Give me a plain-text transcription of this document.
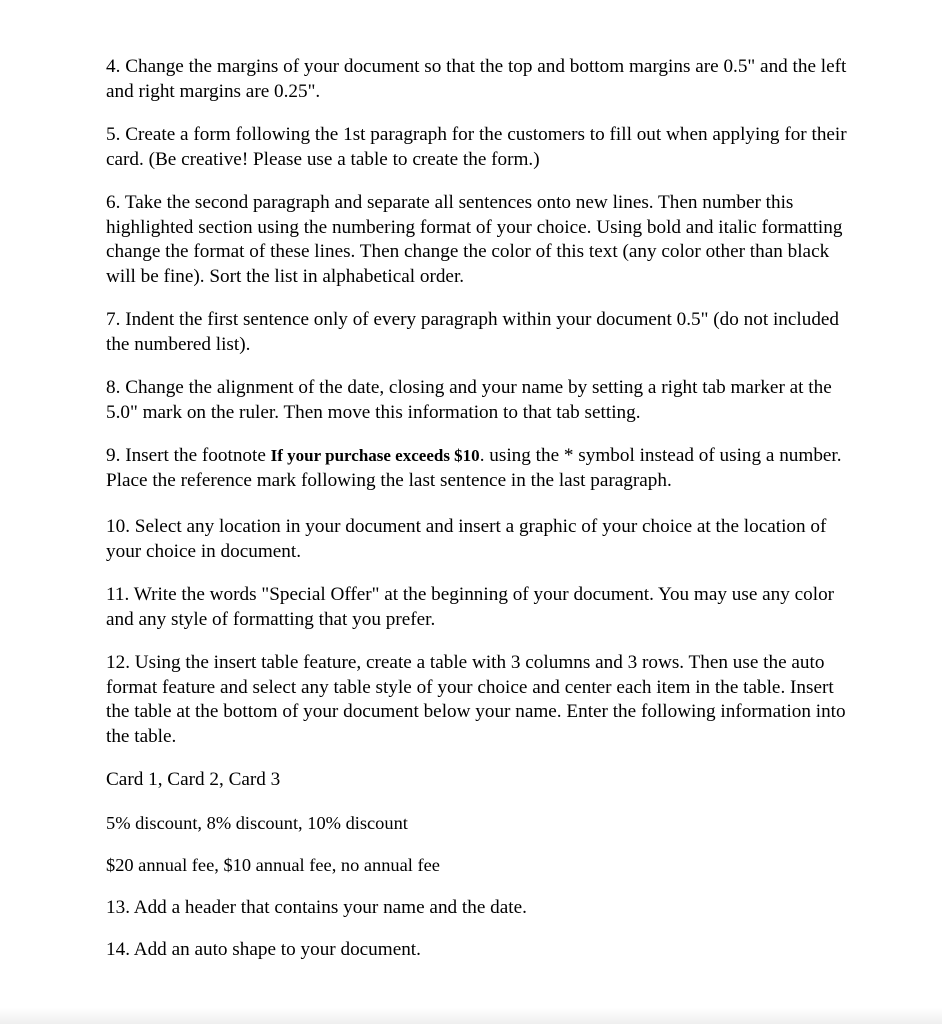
4. Change the margins of your document so that the top and bottom margins are 0.5" and the left and right margins are 0.25".

5. Create a form following the 1st paragraph for the customers to fill out when applying for their card. (Be creative! Please use a table to create the form.)

6. Take the second paragraph and separate all sentences onto new lines. Then number this highlighted section using the numbering format of your choice. Using bold and italic formatting change the format of these lines. Then change the color of this text (any color other than black will be fine). Sort the list in alphabetical order.

7. Indent the first sentence only of every paragraph within your document 0.5" (do not included the numbered list).

8. Change the alignment of the date, closing and your name by setting a right tab marker at the 5.0" mark on the ruler. Then move this information to that tab setting.

9. Insert the footnote If your purchase exceeds $10. using the * symbol instead of using a number. Place the reference mark following the last sentence in the last paragraph.

10. Select any location in your document and insert a graphic of your choice at the location of your choice in document.

11. Write the words "Special Offer" at the beginning of your document. You may use any color and any style of formatting that you prefer.

12. Using the insert table feature, create a table with 3 columns and 3 rows. Then use the auto format feature and select any table style of your choice and center each item in the table. Insert the table at the bottom of your document below your name. Enter the following information into the table.

Card 1, Card 2, Card 3

5% discount, 8% discount, 10% discount

$20 annual fee, $10 annual fee, no annual fee

13. Add a header that contains your name and the date.

14. Add an auto shape to your document.
